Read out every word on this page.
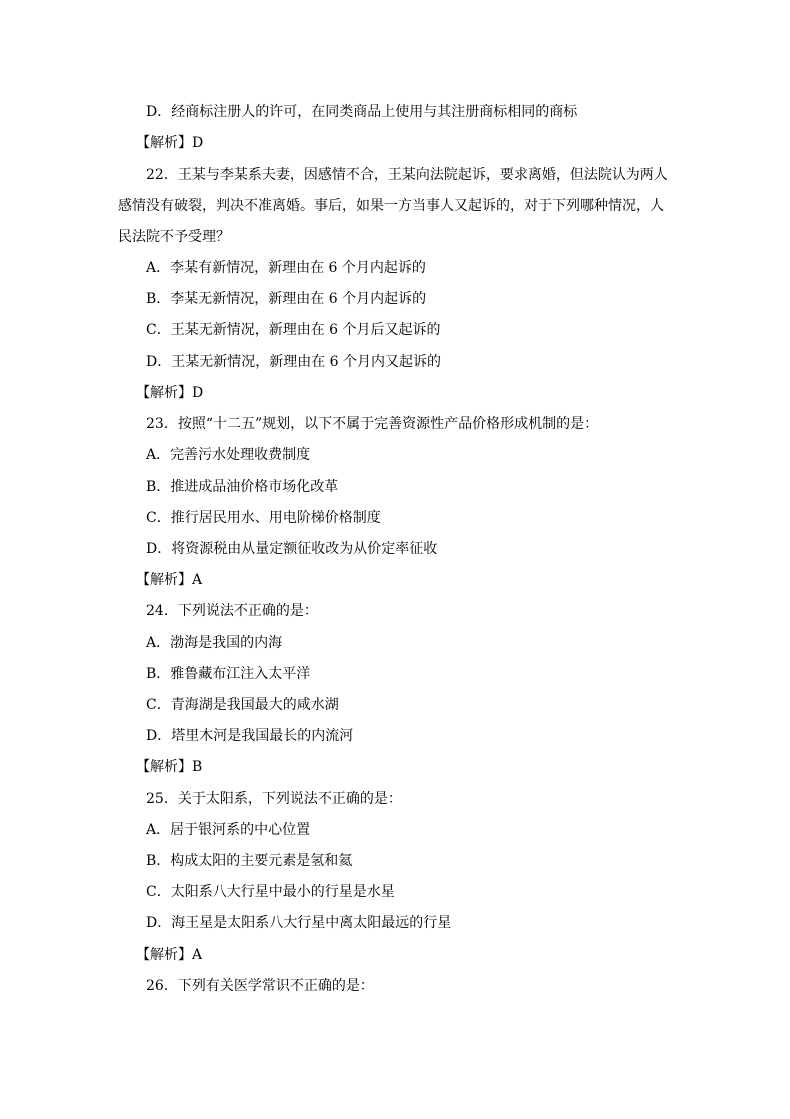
D．经商标注册人的许可，在同类商品上使用与其注册商标相同的商标
【解析】D
22．王某与李某系夫妻，因感情不合，王某向法院起诉，要求离婚，但法院认为两人
感情没有破裂，判决不准离婚。事后，如果一方当事人又起诉的，对于下列哪种情况，人
民法院不予受理？
A．李某有新情况，新理由在 6 个月内起诉的
B．李某无新情况，新理由在 6 个月内起诉的
C．王某无新情况，新理由在 6 个月后又起诉的
D．王某无新情况，新理由在 6 个月内又起诉的
【解析】D
23．按照“十二五”规划，以下不属于完善资源性产品价格形成机制的是：
A．完善污水处理收费制度
B．推进成品油价格市场化改革
C．推行居民用水、用电阶梯价格制度
D．将资源税由从量定额征收改为从价定率征收
【解析】A
24．下列说法不正确的是：
A．渤海是我国的内海
B．雅鲁藏布江注入太平洋
C．青海湖是我国最大的咸水湖
D．塔里木河是我国最长的内流河
【解析】B
25．关于太阳系，下列说法不正确的是：
A．居于银河系的中心位置
B．构成太阳的主要元素是氢和氦
C．太阳系八大行星中最小的行星是水星
D．海王星是太阳系八大行星中离太阳最远的行星
【解析】A
26．下列有关医学常识不正确的是：
